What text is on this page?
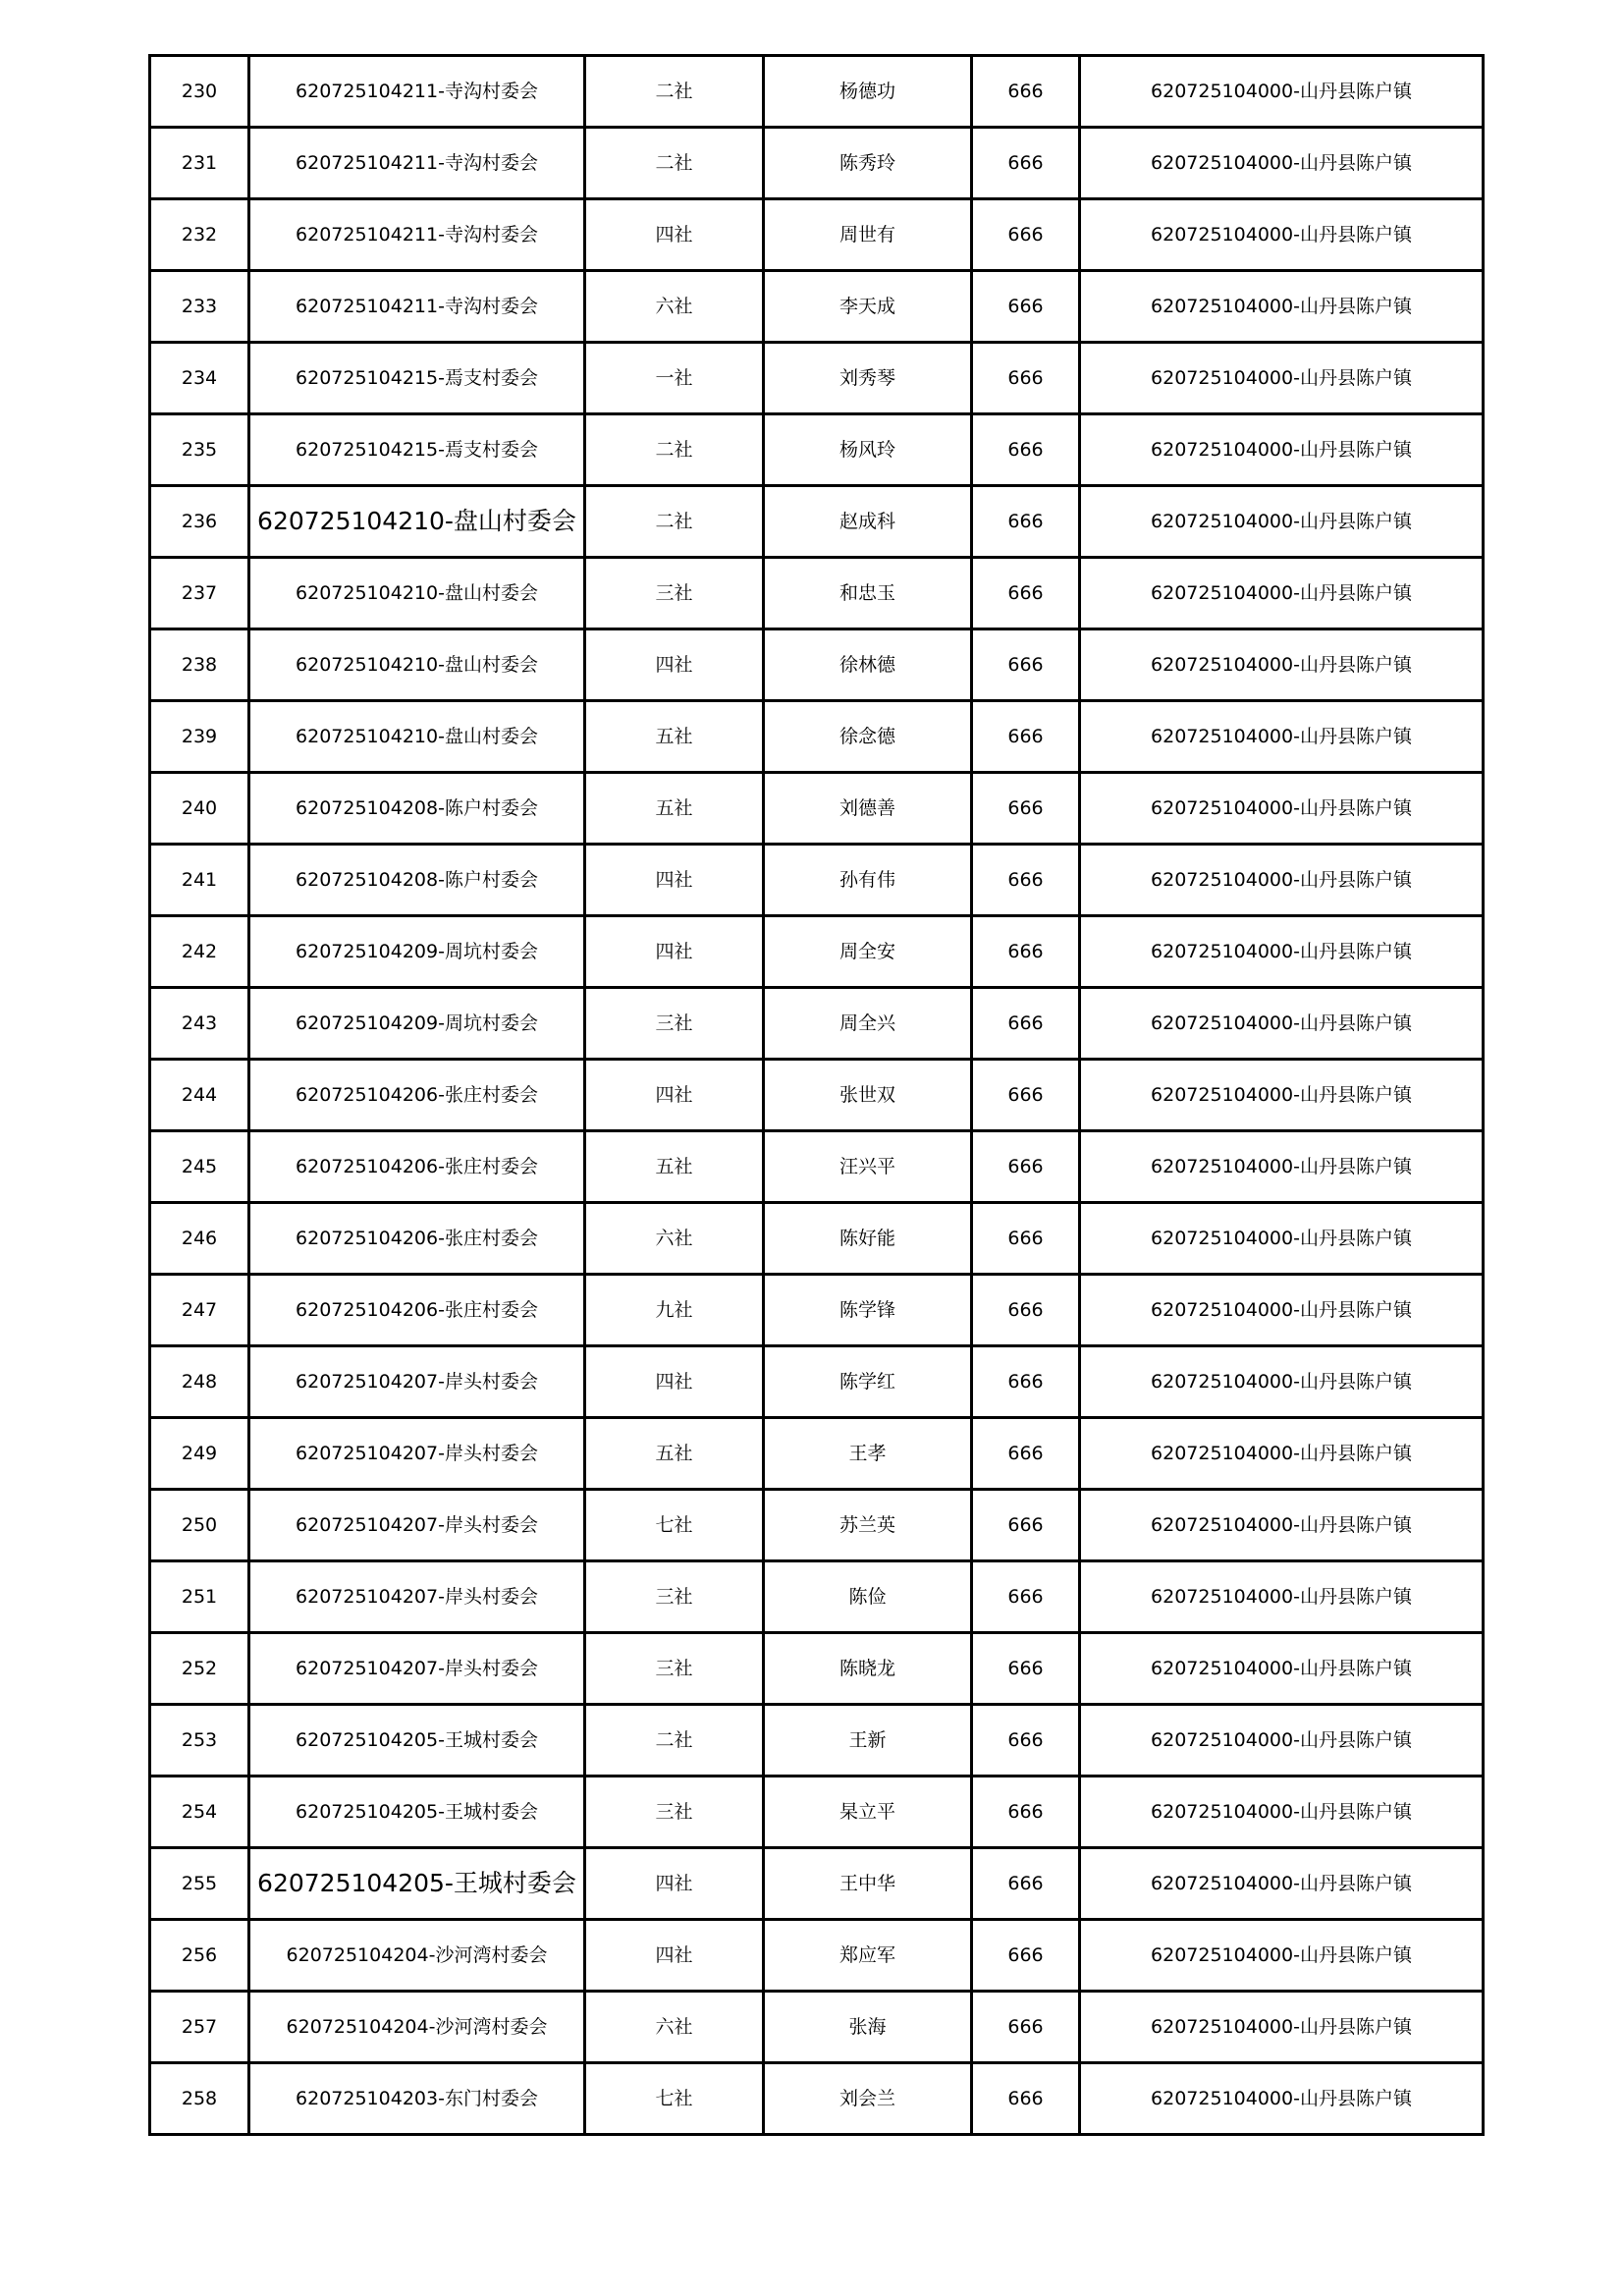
230	620725104211-寺沟村委会	二社	杨德功	666	620725104000-山丹县陈户镇
231	620725104211-寺沟村委会	二社	陈秀玲	666	620725104000-山丹县陈户镇
232	620725104211-寺沟村委会	四社	周世有	666	620725104000-山丹县陈户镇
233	620725104211-寺沟村委会	六社	李天成	666	620725104000-山丹县陈户镇
234	620725104215-焉支村委会	一社	刘秀琴	666	620725104000-山丹县陈户镇
235	620725104215-焉支村委会	二社	杨风玲	666	620725104000-山丹县陈户镇
236	620725104210-盘山村委会	二社	赵成科	666	620725104000-山丹县陈户镇
237	620725104210-盘山村委会	三社	和忠玉	666	620725104000-山丹县陈户镇
238	620725104210-盘山村委会	四社	徐林德	666	620725104000-山丹县陈户镇
239	620725104210-盘山村委会	五社	徐念德	666	620725104000-山丹县陈户镇
240	620725104208-陈户村委会	五社	刘德善	666	620725104000-山丹县陈户镇
241	620725104208-陈户村委会	四社	孙有伟	666	620725104000-山丹县陈户镇
242	620725104209-周坑村委会	四社	周全安	666	620725104000-山丹县陈户镇
243	620725104209-周坑村委会	三社	周全兴	666	620725104000-山丹县陈户镇
244	620725104206-张庄村委会	四社	张世双	666	620725104000-山丹县陈户镇
245	620725104206-张庄村委会	五社	汪兴平	666	620725104000-山丹县陈户镇
246	620725104206-张庄村委会	六社	陈好能	666	620725104000-山丹县陈户镇
247	620725104206-张庄村委会	九社	陈学锋	666	620725104000-山丹县陈户镇
248	620725104207-岸头村委会	四社	陈学红	666	620725104000-山丹县陈户镇
249	620725104207-岸头村委会	五社	王孝	666	620725104000-山丹县陈户镇
250	620725104207-岸头村委会	七社	苏兰英	666	620725104000-山丹县陈户镇
251	620725104207-岸头村委会	三社	陈俭	666	620725104000-山丹县陈户镇
252	620725104207-岸头村委会	三社	陈晓龙	666	620725104000-山丹县陈户镇
253	620725104205-王城村委会	二社	王新	666	620725104000-山丹县陈户镇
254	620725104205-王城村委会	三社	杲立平	666	620725104000-山丹县陈户镇
255	620725104205-王城村委会	四社	王中华	666	620725104000-山丹县陈户镇
256	620725104204-沙河湾村委会	四社	郑应军	666	620725104000-山丹县陈户镇
257	620725104204-沙河湾村委会	六社	张海	666	620725104000-山丹县陈户镇
258	620725104203-东门村委会	七社	刘会兰	666	620725104000-山丹县陈户镇
